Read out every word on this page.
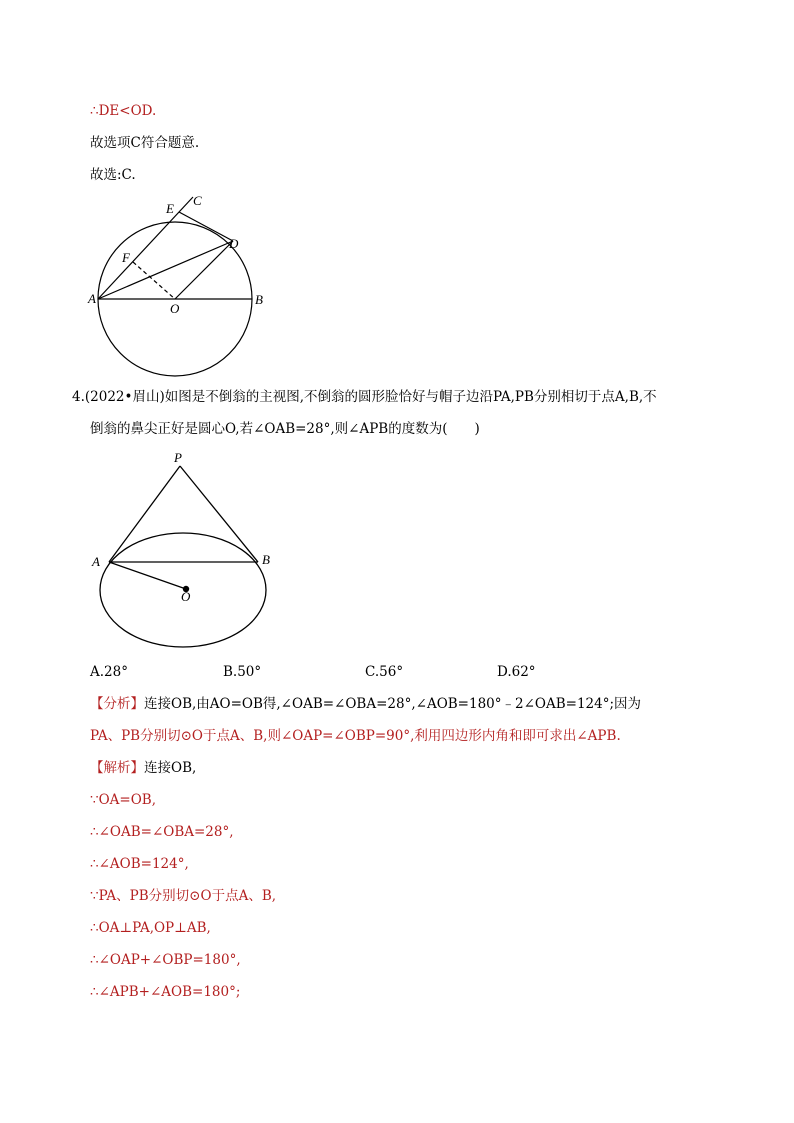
∴DE<OD.
故选项C符合题意.
故选:C.
A	B
C
D
E
F
O
4.(2022•眉山)如图是不倒翁的主视图,不倒翁的圆形脸恰好与帽子边沿PA,PB分别相切于点A,B,不
倒翁的鼻尖正好是圆心O,若∠OAB=28°,则∠APB的度数为(　　)
P
A	B
O
A.28°	B.50°	C.56°	D.62°
【分析】连接OB,由AO=OB得,∠OAB=∠OBA=28°,∠AOB=180°﹣2∠OAB=124°;因为
PA、PB分别切⊙O于点A、B,则∠OAP=∠OBP=90°,利用四边形内角和即可求出∠APB.
【解析】连接OB,
∵OA=OB,
∴∠OAB=∠OBA=28°,
∴∠AOB=124°,
∵PA、PB分别切⊙O于点A、B,
∴OA⊥PA,OP⊥AB,
∴∠OAP+∠OBP=180°,
∴∠APB+∠AOB=180°;
